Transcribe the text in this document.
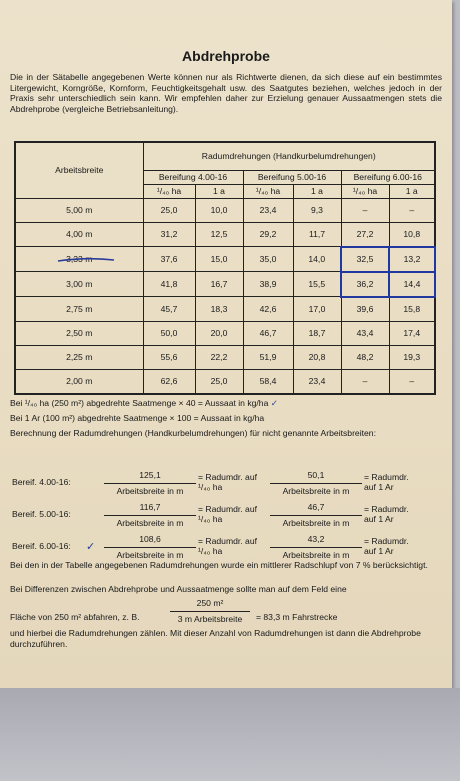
Abdrehprobe

Die in der Sätabelle angegebenen Werte können nur als Richtwerte dienen, da sich diese auf ein bestimmtes Litergewicht, Korngröße, Kornform, Feuchtigkeitsgehalt usw. des Saatgutes beziehen, welches jedoch in der Praxis sehr unterschiedlich sein kann. Wir empfehlen daher zur Erzielung genauer Aussaatmengen stets die Abdrehprobe (vergleiche Betriebsanleitung).

Arbeitsbreite	Radumdrehungen (Handkurbelumdrehungen)					
	Bereifung 4.00-16		Bereifung 5.00-16		Bereifung 6.00-16	
	¹/₄₀ ha	1 a	¹/₄₀ ha	1 a	¹/₄₀ ha	1 a
5,00 m	25,0	10,0	23,4	9,3	–	–
4,00 m	31,2	12,5	29,2	11,7	27,2	10,8
3,33 m	37,6	15,0	35,0	14,0	32,5	13,2
3,00 m	41,8	16,7	38,9	15,5	36,2	14,4
2,75 m	45,7	18,3	42,6	17,0	39,6	15,8
2,50 m	50,0	20,0	46,7	18,7	43,4	17,4
2,25 m	55,6	22,2	51,9	20,8	48,2	19,3
2,00 m	62,6	25,0	58,4	23,4	–	–
Bei ¹/₄₀ ha (250 m²) abgedrehte Saatmenge × 40 = Aussaat in kg/ha ✓
Bei 1 Ar (100 m²) abgedrehte Saatmenge × 100 = Aussaat in kg/ha
Berechnung der Radumdrehungen (Handkurbelumdrehungen) für nicht genannte Arbeitsbreiten:
Bereif. 4.00-16:
125,1
Arbeitsbreite in m
= Radumdr. auf ¹/₄₀ ha
50,1
Arbeitsbreite in m
= Radumdr. auf 1 Ar
Bereif. 5.00-16:
116,7
Arbeitsbreite in m
= Radumdr. auf ¹/₄₀ ha
46,7
Arbeitsbreite in m
= Radumdr. auf 1 Ar
Bereif. 6.00-16:
108,6
Arbeitsbreite in m
= Radumdr. auf ¹/₄₀ ha
43,2
Arbeitsbreite in m
= Radumdr. auf 1 Ar
✓
Bei den in der Tabelle angegebenen Radumdrehungen wurde ein mittlerer Radschlupf von 7 % berücksichtigt.
Bei Differenzen zwischen Abdrehprobe und Aussaatmenge sollte man auf dem Feld eine
Fläche von 250 m² abfahren, z. B.
250 m²
3 m Arbeitsbreite	= 83,3 m Fahrstrecke
und hierbei die Radumdrehungen zählen. Mit dieser Anzahl von Radumdrehungen ist dann die Abdrehprobe durchzuführen.
